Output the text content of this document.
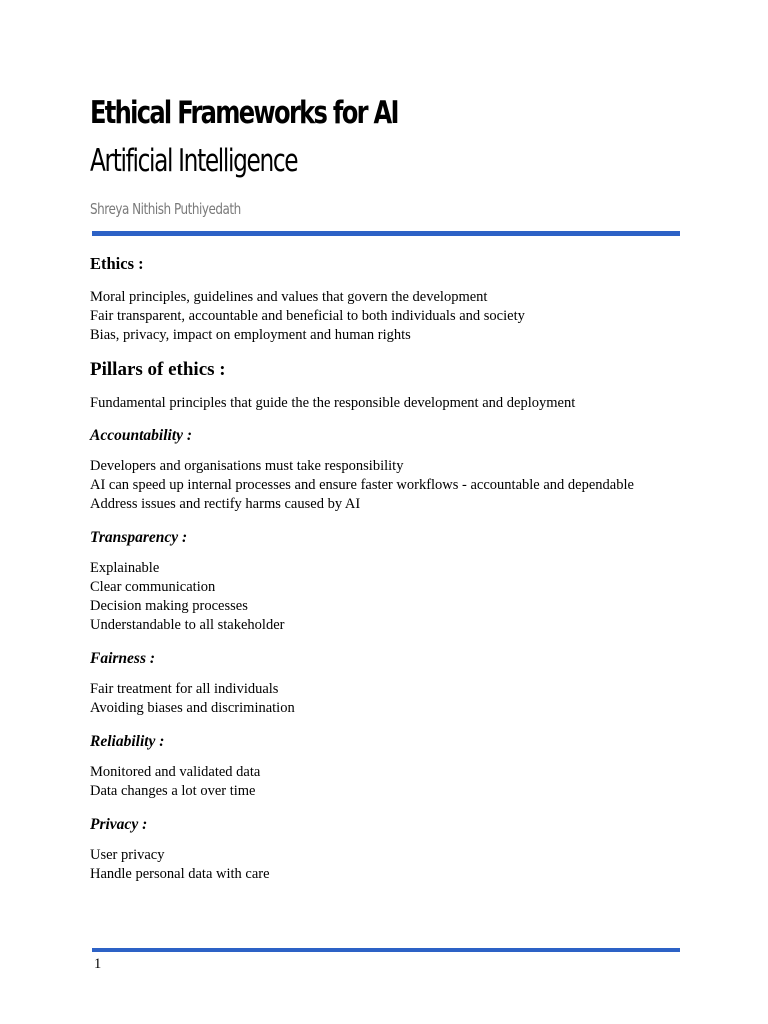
Ethical Frameworks for AI
Artificial Intelligence
Shreya Nithish Puthiyedath
Ethics :
Moral principles, guidelines and values that govern the development
Fair transparent, accountable and beneficial to both individuals and society
Bias, privacy, impact on employment and human rights
Pillars of ethics :
Fundamental principles that guide the the responsible development and deployment
Accountability :
Developers and organisations must take responsibility
AI can speed up internal processes and ensure faster workflows - accountable and dependable
Address issues and rectify harms caused by AI
Transparency :
Explainable
Clear communication
Decision making processes
Understandable to all stakeholder
Fairness :
Fair treatment for all individuals
Avoiding biases and discrimination
Reliability :
Monitored and validated data
Data changes a lot over time
Privacy :
User privacy
Handle personal data with care
1
